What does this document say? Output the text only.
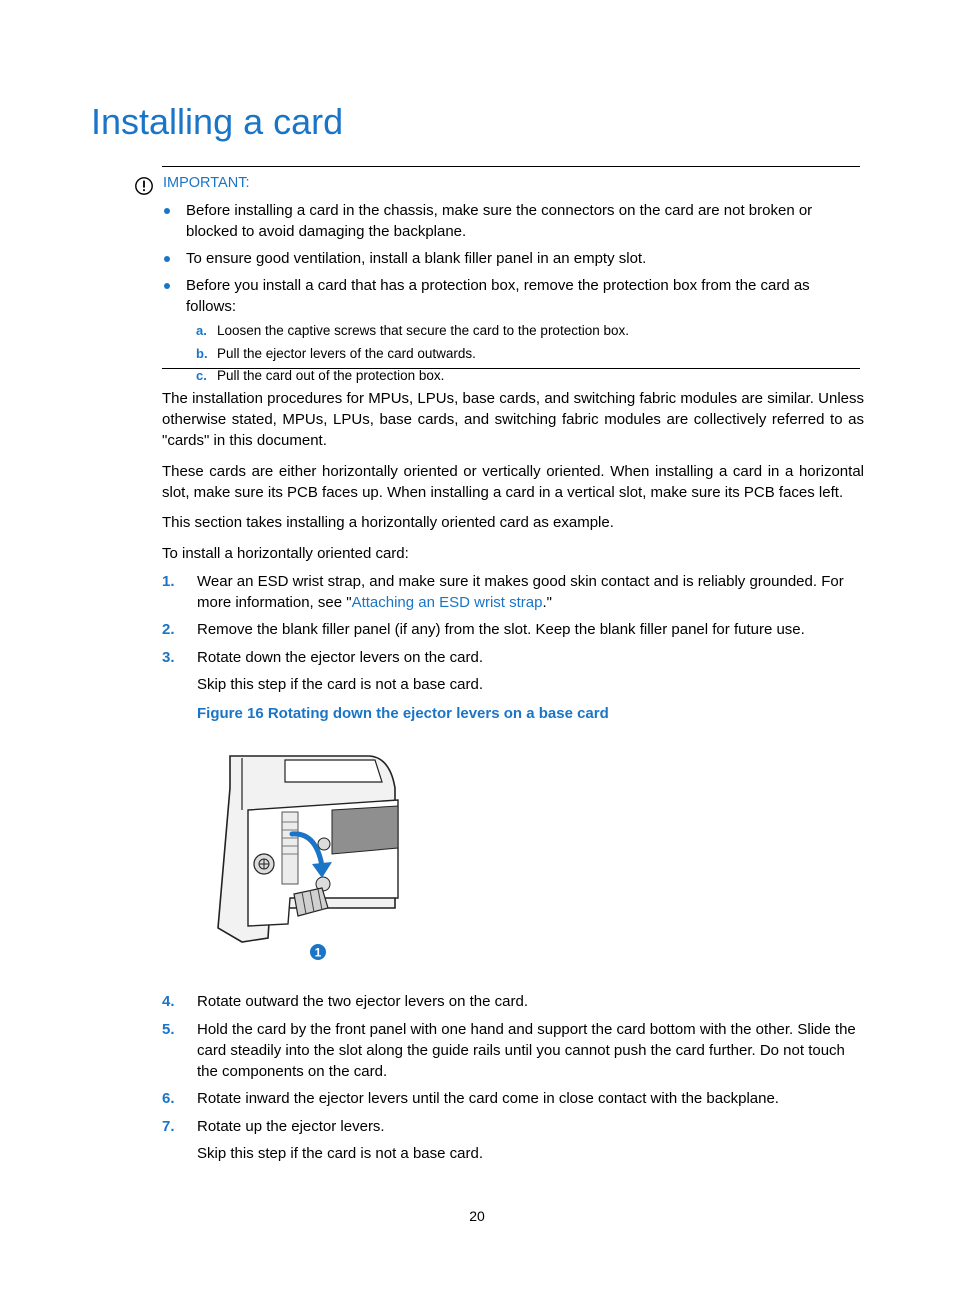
Installing a card
IMPORTANT:
Before installing a card in the chassis, make sure the connectors on the card are not broken or blocked to avoid damaging the backplane.
To ensure good ventilation, install a blank filler panel in an empty slot.
Before you install a card that has a protection box, remove the protection box from the card as follows:
a. Loosen the captive screws that secure the card to the protection box.
b. Pull the ejector levers of the card outwards.
c. Pull the card out of the protection box.

The installation procedures for MPUs, LPUs, base cards, and switching fabric modules are similar. Unless otherwise stated, MPUs, LPUs, base cards, and switching fabric modules are collectively referred to as "cards" in this document.

These cards are either horizontally oriented or vertically oriented. When installing a card in a horizontal slot, make sure its PCB faces up. When installing a card in a vertical slot, make sure its PCB faces left.

This section takes installing a horizontally oriented card as example.

To install a horizontally oriented card:

1. Wear an ESD wrist strap, and make sure it makes good skin contact and is reliably grounded. For more information, see "Attaching an ESD wrist strap."
2. Remove the blank filler panel (if any) from the slot. Keep the blank filler panel for future use.
3. Rotate down the ejector levers on the card.
Skip this step if the card is not a base card.
Figure 16 Rotating down the ejector levers on a base card
1
4. Rotate outward the two ejector levers on the card.
5. Hold the card by the front panel with one hand and support the card bottom with the other. Slide the card steadily into the slot along the guide rails until you cannot push the card further. Do not touch the components on the card.
6. Rotate inward the ejector levers until the card come in close contact with the backplane.
7. Rotate up the ejector levers.
Skip this step if the card is not a base card.
20
